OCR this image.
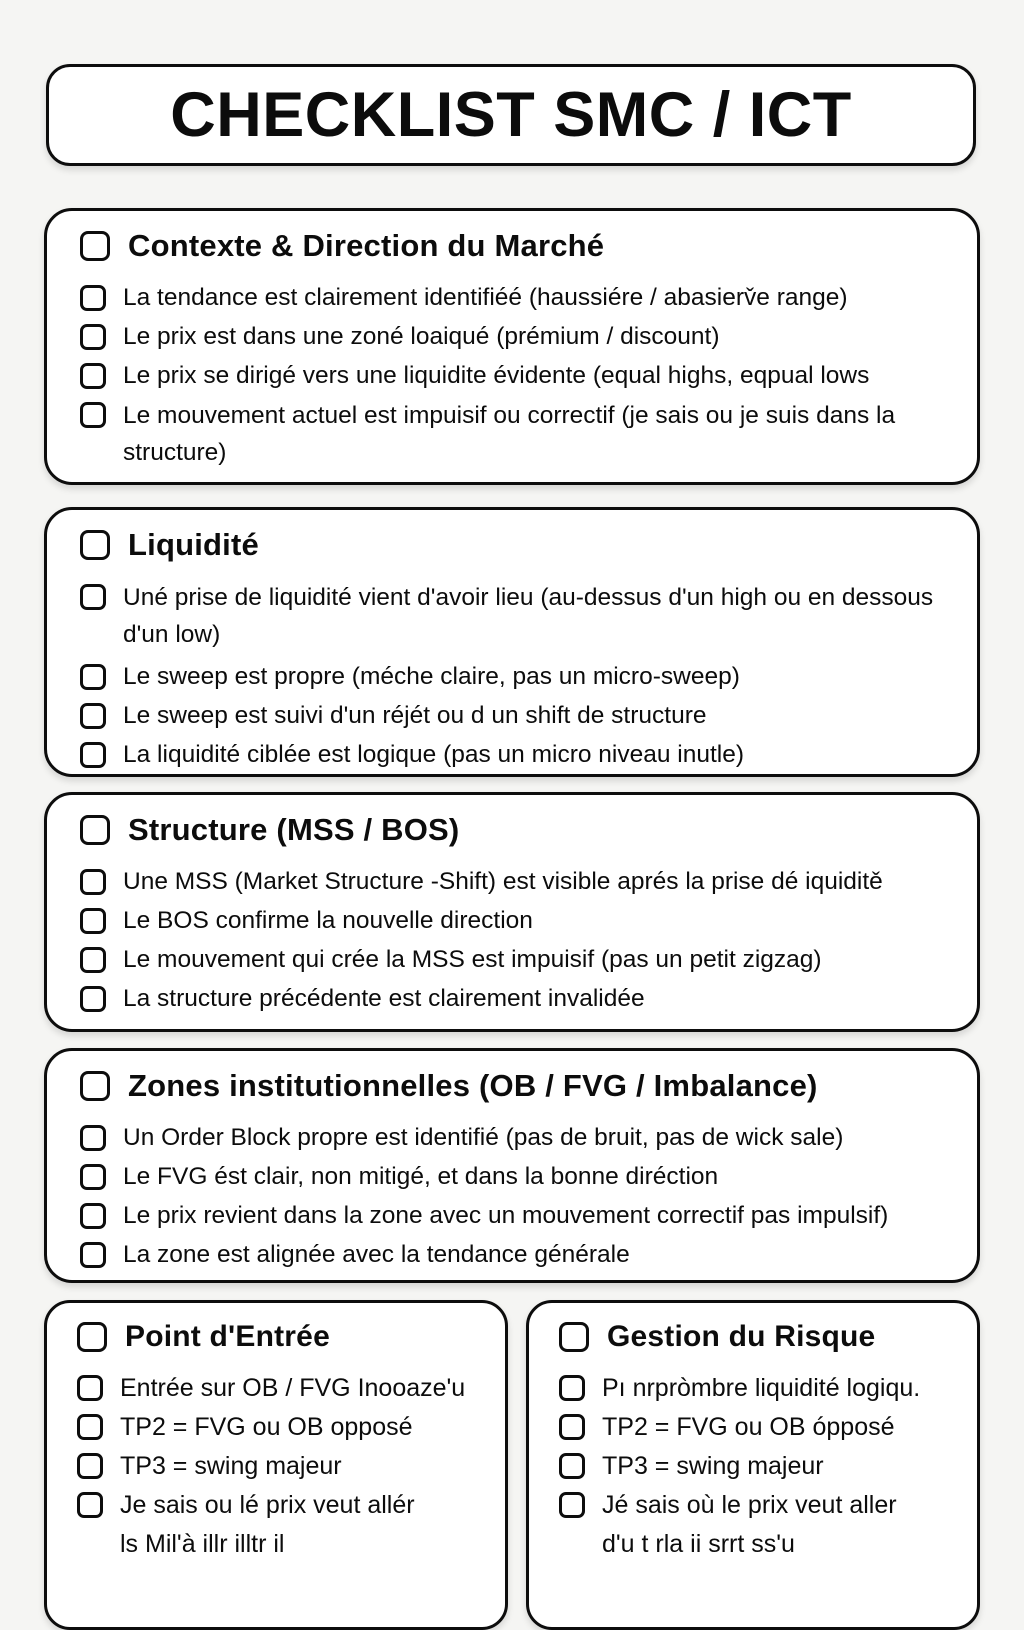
CHECKLIST SMC / ICT
Contexte & Direction du Marché
La tendance est clairement identifiéé (haussiére / abasierv̌e range)
Le prix est dans une zoné loaiqué (prémium / discount)
Le prix se dirigé vers une liquidite évidente (equal highs, eqpual lows
Le mouvement actuel est impuisif ou correctif (je sais ou je suis dans la structure)
Liquidité
Uné prise de liquidité vient d'avoir lieu (au-dessus d'un high ou en dessous d'un low)
Le sweep est propre (méche claire, pas un micro-sweep)
Le sweep est suivi d'un réjét ou d un shift de structure
La liquidité ciblée est logique (pas un micro niveau inutle)
Structure (MSS / BOS)
Une MSS (Market Structure -Shift) est visible aprés la prise dé iquiditě
Le BOS confirme la nouvelle direction
Le mouvement qui crée la MSS est impuisif (pas un petit zigzag)
La structure précédente est clairement invalidée
Zones institutionnelles (OB / FVG / Imbalance)
Un Order Block propre est identifié (pas de bruit, pas de wick sale)
Le FVG ést clair, non mitigé, et dans la bonne diréction
Le prix revient dans la zone avec un mouvement correctif pas impulsif)
La zone est alignée avec la tendance générale
Point d'Entrée
Entrée sur OB / FVG Inooaze'u
TP2 = FVG ou OB opposé
TP3 = swing majeur
Je sais ou lé prix veut allér
ls Mil'à illr illtr il
Gestion du Risque
Pı nrpròmbre liquidité logiqu.
TP2 = FVG ou OB ópposé
TP3 = swing majeur
Jé sais où le prix veut aller
d'u t rla ii srrt ss'u
